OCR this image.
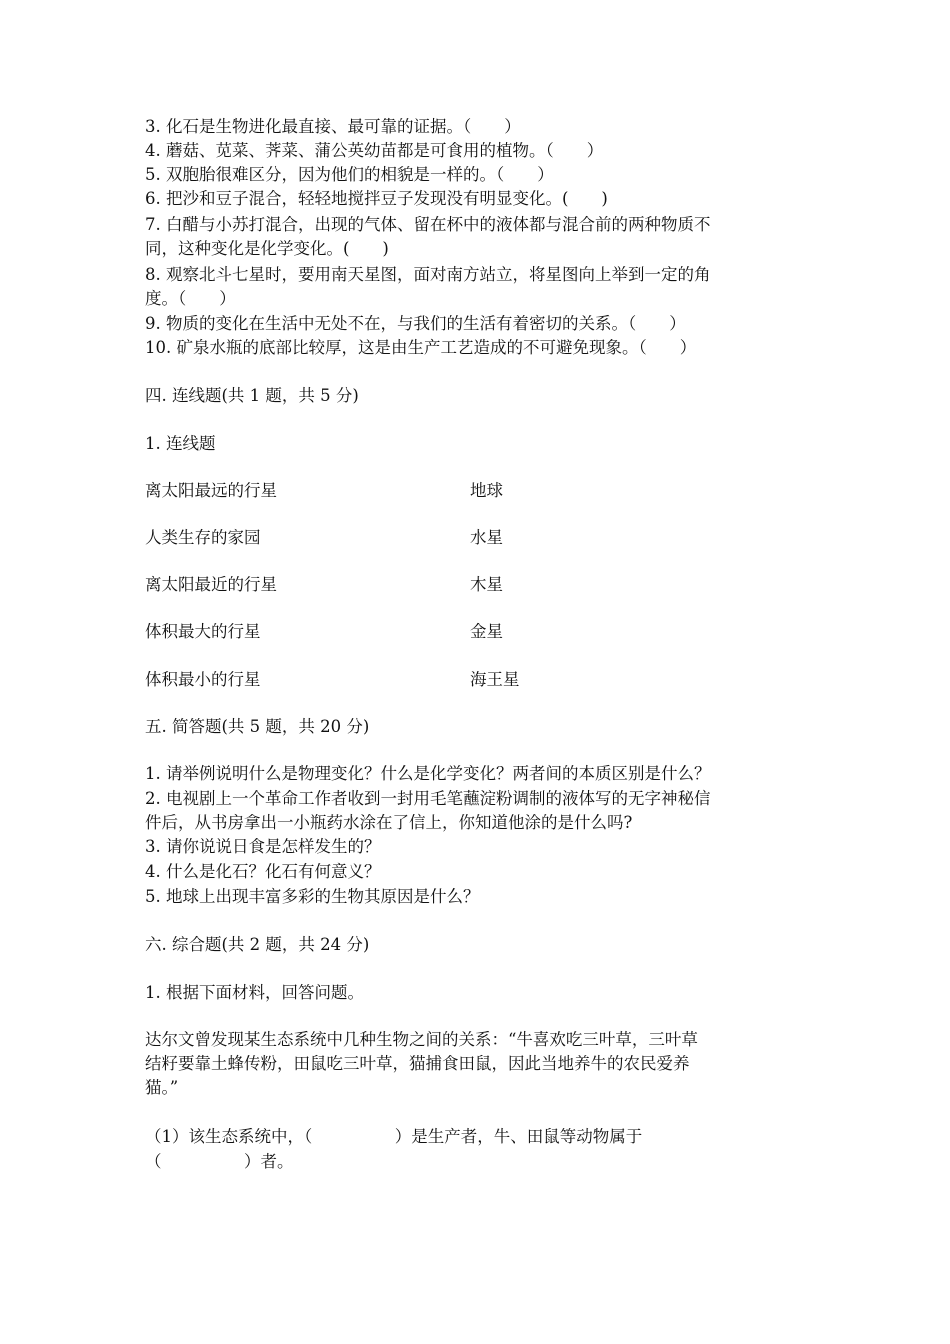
3. 化石是生物进化最直接、最可靠的证据。（　　）
4. 蘑菇、苋菜、荠菜、蒲公英幼苗都是可食用的植物。（　　）
5. 双胞胎很难区分，因为他们的相貌是一样的。（　　）
6. 把沙和豆子混合，轻轻地搅拌豆子发现没有明显变化。(　　)
7. 白醋与小苏打混合，出现的气体、留在杯中的液体都与混合前的两种物质不
同，这种变化是化学变化。(　　)
8. 观察北斗七星时，要用南天星图，面对南方站立，将星图向上举到一定的角
度。（　　）
9. 物质的变化在生活中无处不在，与我们的生活有着密切的关系。（　　）
10. 矿泉水瓶的底部比较厚，这是由生产工艺造成的不可避免现象。（　　）
四. 连线题(共 1 题，共 5 分)
1. 连线题
离太阳最远的行星	地球
人类生存的家园	水星
离太阳最近的行星	木星
体积最大的行星	金星
体积最小的行星	海王星
五. 简答题(共 5 题，共 20 分)
1. 请举例说明什么是物理变化？什么是化学变化？两者间的本质区别是什么？
2. 电视剧上一个革命工作者收到一封用毛笔蘸淀粉调制的液体写的无字神秘信
件后，从书房拿出一小瓶药水涂在了信上，你知道他涂的是什么吗?
3. 请你说说日食是怎样发生的？
4. 什么是化石？化石有何意义？
5. 地球上出现丰富多彩的生物其原因是什么？
六. 综合题(共 2 题，共 24 分)
1. 根据下面材料，回答问题。
达尔文曾发现某生态系统中几种生物之间的关系：“牛喜欢吃三叶草，三叶草
结籽要靠土蜂传粉，田鼠吃三叶草，猫捕食田鼠，因此当地养牛的农民爱养
猫。”
（1）该生态系统中，（　　　　　）是生产者，牛、田鼠等动物属于
（　　　　　）者。
